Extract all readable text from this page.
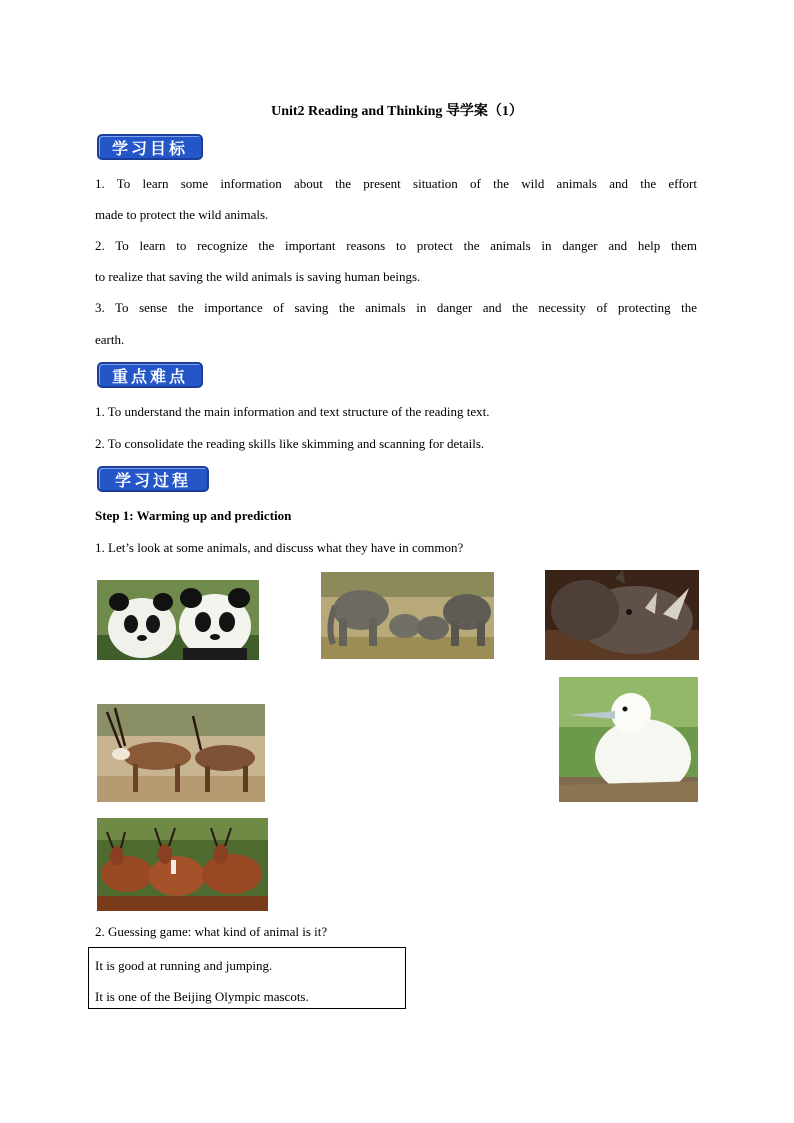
Unit2 Reading and Thinking 导学案（1）
学习目标
1. To learn some information about the present situation of the wild animals and the effort
made to protect the wild animals.
2. To learn to recognize the important reasons to protect the animals in danger and help them
to realize that saving the wild animals is saving human beings.
3. To sense the importance of saving the animals in danger and the necessity of protecting the
earth.
重点难点
1. To understand the main information and text structure of the reading text.
2. To consolidate the reading skills like skimming and scanning for details.
学习过程
Step 1: Warming up and prediction
1. Let’s look at some animals, and discuss what they have in common?
2. Guessing game: what kind of animal is it?
It is good at running and jumping.
It is one of the Beijing Olympic mascots.
